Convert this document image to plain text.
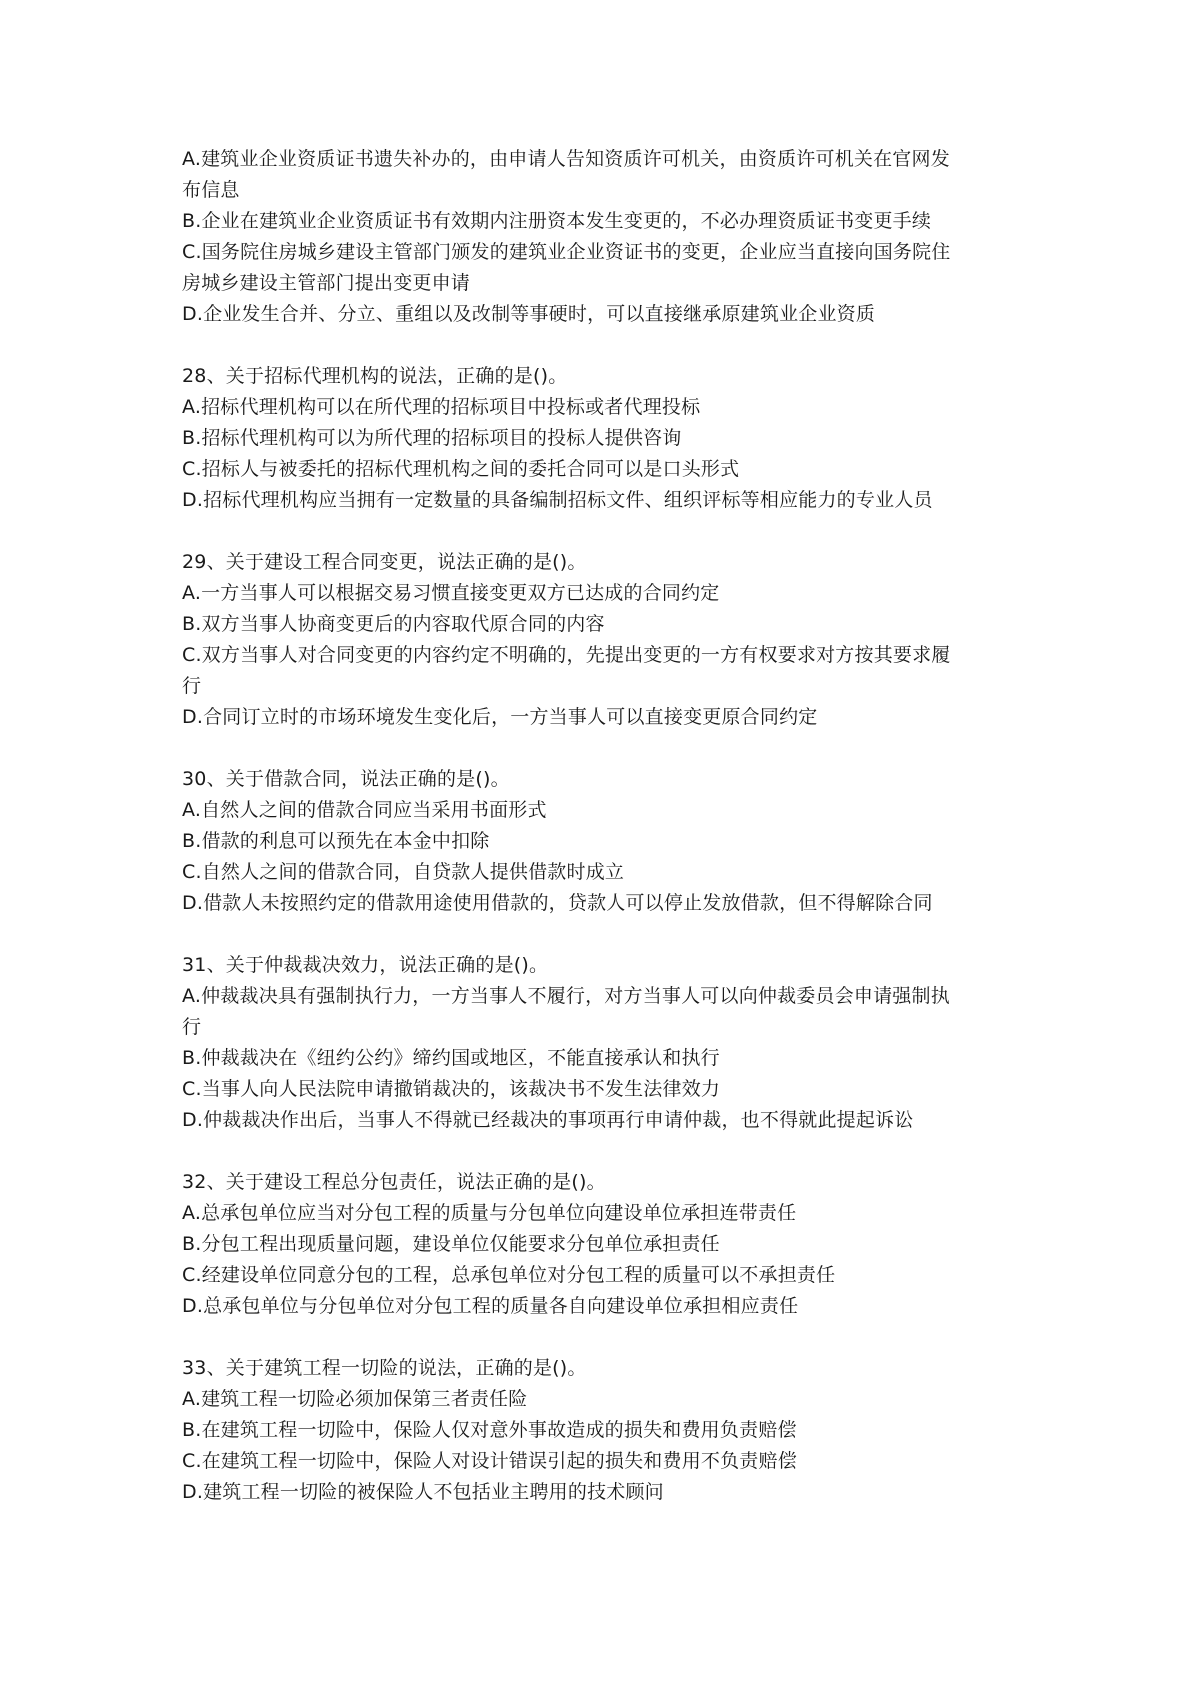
A.建筑业企业资质证书遗失补办的，由申请人告知资质许可机关，由资质许可机关在官网发
布信息
B.企业在建筑业企业资质证书有效期内注册资本发生变更的，不必办理资质证书变更手续
C.国务院住房城乡建设主管部门颁发的建筑业企业资证书的变更，企业应当直接向国务院住
房城乡建设主管部门提出变更申请
D.企业发生合并、分立、重组以及改制等事硬时，可以直接继承原建筑业企业资质
28、关于招标代理机构的说法，正确的是()。
A.招标代理机构可以在所代理的招标项目中投标或者代理投标
B.招标代理机构可以为所代理的招标项目的投标人提供咨询
C.招标人与被委托的招标代理机构之间的委托合同可以是口头形式
D.招标代理机构应当拥有一定数量的具备编制招标文件、组织评标等相应能力的专业人员
29、关于建设工程合同变更，说法正确的是()。
A.一方当事人可以根据交易习惯直接变更双方已达成的合同约定
B.双方当事人协商变更后的内容取代原合同的内容
C.双方当事人对合同变更的内容约定不明确的，先提出变更的一方有权要求对方按其要求履
行
D.合同订立时的市场环境发生变化后，一方当事人可以直接变更原合同约定
30、关于借款合同，说法正确的是()。
A.自然人之间的借款合同应当采用书面形式
B.借款的利息可以预先在本金中扣除
C.自然人之间的借款合同，自贷款人提供借款时成立
D.借款人未按照约定的借款用途使用借款的，贷款人可以停止发放借款，但不得解除合同
31、关于仲裁裁决效力，说法正确的是()。
A.仲裁裁决具有强制执行力，一方当事人不履行，对方当事人可以向仲裁委员会申请强制执
行
B.仲裁裁决在《纽约公约》缔约国或地区，不能直接承认和执行
C.当事人向人民法院申请撤销裁决的，该裁决书不发生法律效力
D.仲裁裁决作出后，当事人不得就已经裁决的事项再行申请仲裁，也不得就此提起诉讼
32、关于建设工程总分包责任，说法正确的是()。
A.总承包单位应当对分包工程的质量与分包单位向建设单位承担连带责任
B.分包工程出现质量问题，建设单位仅能要求分包单位承担责任
C.经建设单位同意分包的工程，总承包单位对分包工程的质量可以不承担责任
D.总承包单位与分包单位对分包工程的质量各自向建设单位承担相应责任
33、关于建筑工程一切险的说法，正确的是()。
A.建筑工程一切险必须加保第三者责任险
B.在建筑工程一切险中，保险人仅对意外事故造成的损失和费用负责赔偿
C.在建筑工程一切险中，保险人对设计错误引起的损失和费用不负责赔偿
D.建筑工程一切险的被保险人不包括业主聘用的技术顾问
